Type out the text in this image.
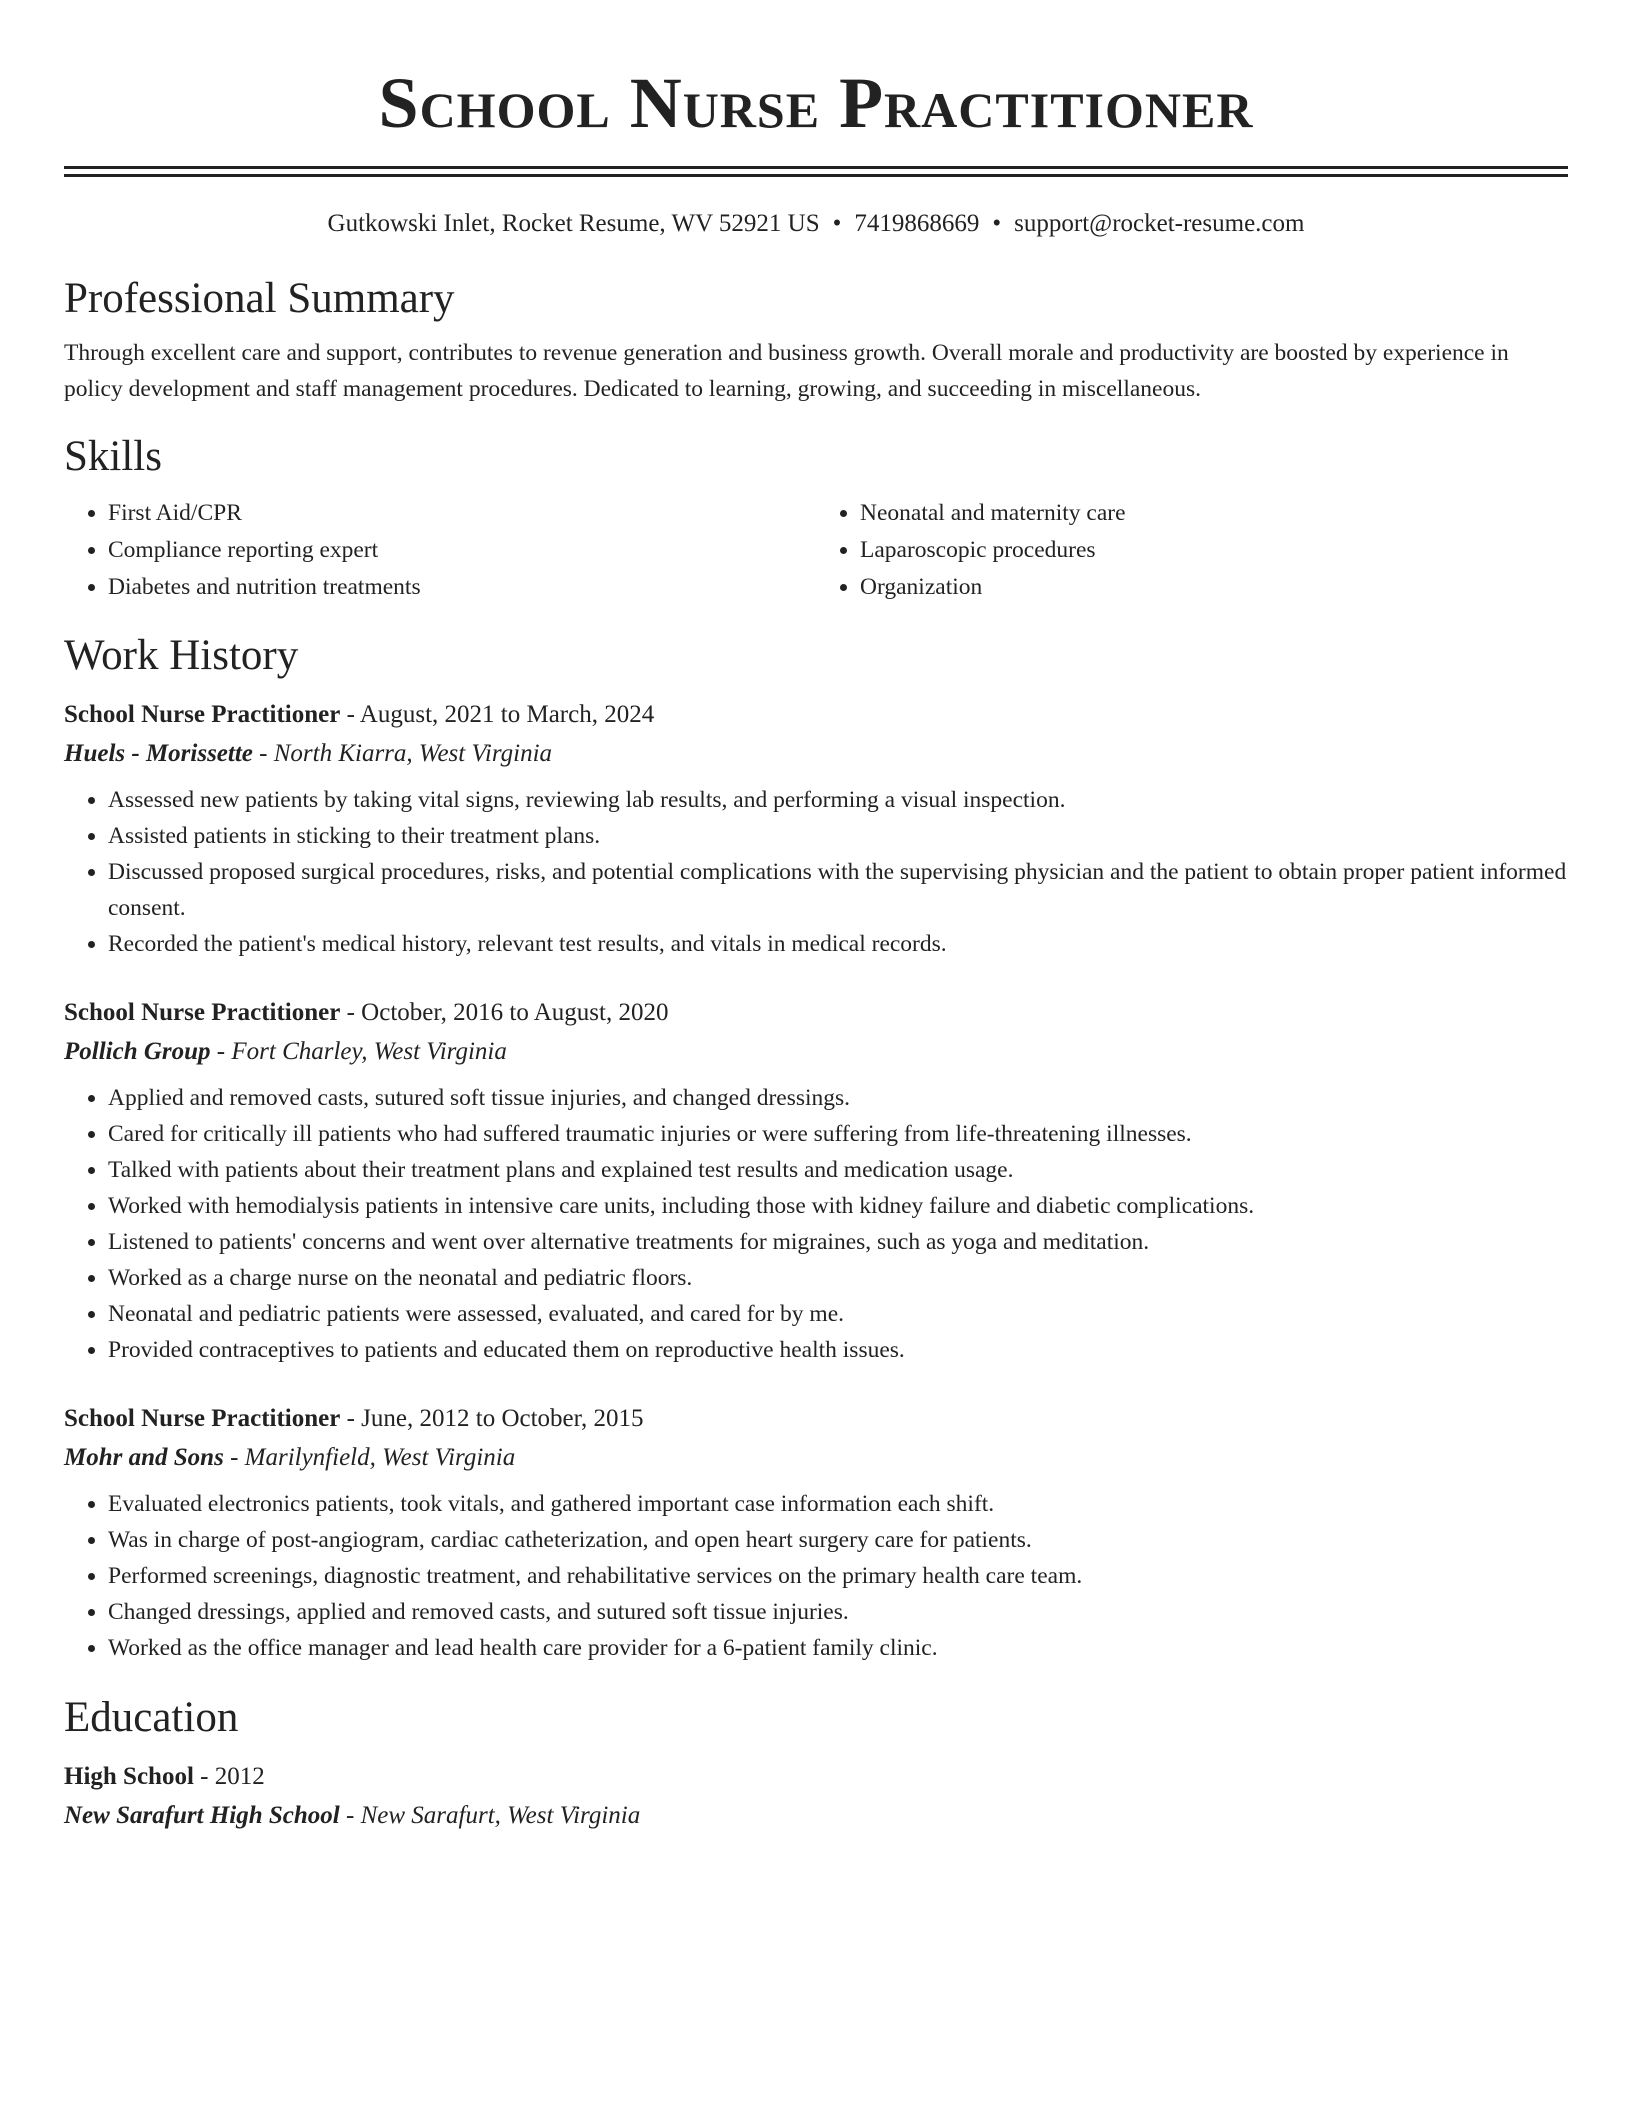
School Nurse Practitioner
Gutkowski Inlet, Rocket Resume, WV 52921 US • 7419868669 • support@rocket-resume.com
Professional Summary
Through excellent care and support, contributes to revenue generation and business growth. Overall morale and productivity are boosted by experience in policy development and staff management procedures. Dedicated to learning, growing, and succeeding in miscellaneous.
Skills
• First Aid/CPR
• Compliance reporting expert
• Diabetes and nutrition treatments
• Neonatal and maternity care
• Laparoscopic procedures
• Organization
Work History
School Nurse Practitioner - August, 2021 to March, 2024
Huels - Morissette - North Kiarra, West Virginia
• Assessed new patients by taking vital signs, reviewing lab results, and performing a visual inspection.
• Assisted patients in sticking to their treatment plans.
• Discussed proposed surgical procedures, risks, and potential complications with the supervising physician and the patient to obtain proper patient informed consent.
• Recorded the patient's medical history, relevant test results, and vitals in medical records.
School Nurse Practitioner - October, 2016 to August, 2020
Pollich Group - Fort Charley, West Virginia
• Applied and removed casts, sutured soft tissue injuries, and changed dressings.
• Cared for critically ill patients who had suffered traumatic injuries or were suffering from life-threatening illnesses.
• Talked with patients about their treatment plans and explained test results and medication usage.
• Worked with hemodialysis patients in intensive care units, including those with kidney failure and diabetic complications.
• Listened to patients' concerns and went over alternative treatments for migraines, such as yoga and meditation.
• Worked as a charge nurse on the neonatal and pediatric floors.
• Neonatal and pediatric patients were assessed, evaluated, and cared for by me.
• Provided contraceptives to patients and educated them on reproductive health issues.
School Nurse Practitioner - June, 2012 to October, 2015
Mohr and Sons - Marilynfield, West Virginia
• Evaluated electronics patients, took vitals, and gathered important case information each shift.
• Was in charge of post-angiogram, cardiac catheterization, and open heart surgery care for patients.
• Performed screenings, diagnostic treatment, and rehabilitative services on the primary health care team.
• Changed dressings, applied and removed casts, and sutured soft tissue injuries.
• Worked as the office manager and lead health care provider for a 6-patient family clinic.
Education
High School - 2012
New Sarafurt High School - New Sarafurt, West Virginia
